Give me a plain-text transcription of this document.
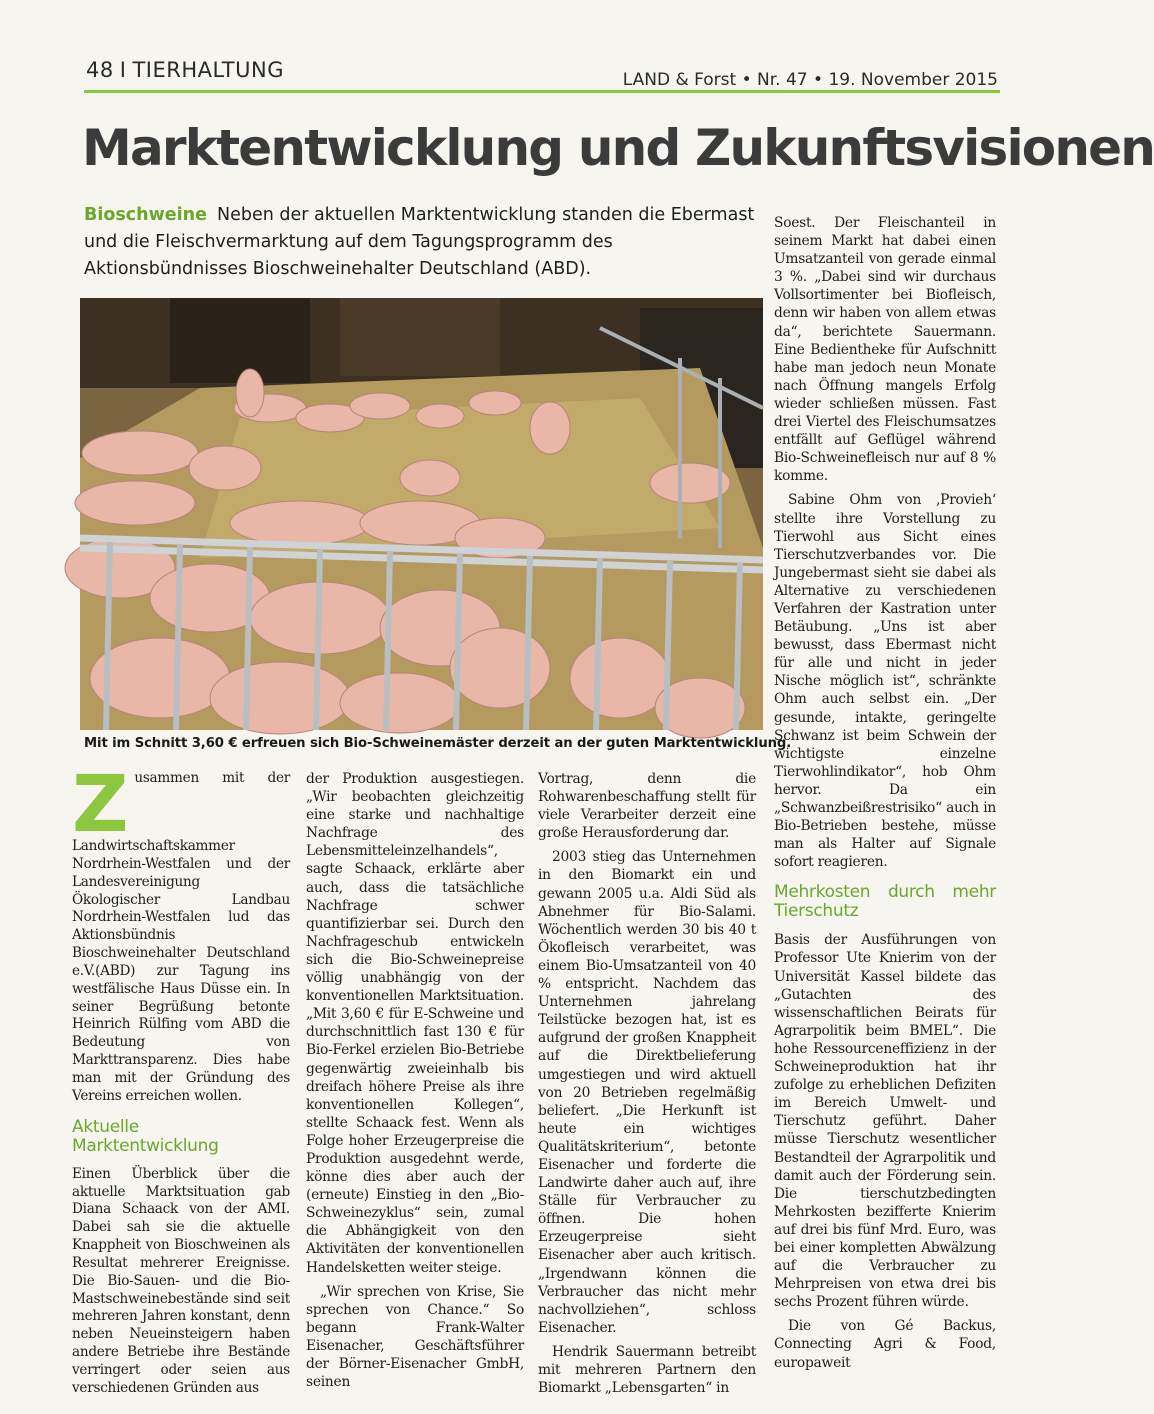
48 I TIERHALTUNG	LAND & Forst • Nr. 47 • 19. November 2015
Marktentwicklung und Zukunftsvisionen
Bioschweine Neben der aktuellen Marktentwicklung standen die Ebermast und die Fleischvermarktung auf dem Tagungsprogramm des Aktionsbündnisses Bioschweinehalter Deutschland (ABD).
Mit im Schnitt 3,60 € erfreuen sich Bio-Schweinemäster derzeit an der guten Marktentwicklung.

Zusammen mit der Landwirtschaftskammer Nordrhein-Westfalen und der Landesvereinigung Ökologischer Landbau Nordrhein-Westfalen lud das Aktionsbündnis Bioschweinehalter Deutschland e.V.(ABD) zur Tagung ins westfälische Haus Düsse ein. In seiner Begrüßung betonte Heinrich Rülfing vom ABD die Bedeutung von Markttransparenz. Dies habe man mit der Gründung des Vereins erreichen wollen.

Aktuelle Marktentwicklung

Einen Überblick über die aktuelle Marktsituation gab Diana Schaack von der AMI. Dabei sah sie die aktuelle Knappheit von Bioschweinen als Resultat mehrerer Ereignisse. Die Bio-Sauen- und die Bio-Mastschweinebestände sind seit mehreren Jahren konstant, denn neben Neueinsteigern haben andere Betriebe ihre Bestände verringert oder seien aus verschiedenen Gründen aus

der Produktion ausgestiegen. „Wir beobachten gleichzeitig eine starke und nachhaltige Nachfrage des Lebensmitteleinzelhandels“, sagte Schaack, erklärte aber auch, dass die tatsächliche Nachfrage schwer quantifizierbar sei. Durch den Nachfrageschub entwickeln sich die Bio-Schweinepreise völlig unabhängig von der konventionellen Marktsituation. „Mit 3,60 € für E-Schweine und durchschnittlich fast 130 € für Bio-Ferkel erzielen Bio-Betriebe gegenwärtig zweieinhalb bis dreifach höhere Preise als ihre konventionellen Kollegen“, stellte Schaack fest. Wenn als Folge hoher Erzeugerpreise die Produktion ausgedehnt werde, könne dies aber auch der (erneute) Einstieg in den „Bio-Schweinezyklus“ sein, zumal die Abhängigkeit von den Aktivitäten der konventionellen Handelsketten weiter steige.

„Wir sprechen von Krise, Sie sprechen von Chance.“ So begann Frank-Walter Eisenacher, Geschäftsführer der Börner-Eisenacher GmbH, seinen

Vortrag, denn die Rohwarenbeschaffung stellt für viele Verarbeiter derzeit eine große Herausforderung dar.

2003 stieg das Unternehmen in den Biomarkt ein und gewann 2005 u.a. Aldi Süd als Abnehmer für Bio-Salami. Wöchentlich werden 30 bis 40 t Ökofleisch verarbeitet, was einem Bio-Umsatzanteil von 40 % entspricht. Nachdem das Unternehmen jahrelang Teilstücke bezogen hat, ist es aufgrund der großen Knappheit auf die Direktbelieferung umgestiegen und wird aktuell von 20 Betrieben regelmäßig beliefert. „Die Herkunft ist heute ein wichtiges Qualitätskriterium“, betonte Eisenacher und forderte die Landwirte daher auch auf, ihre Ställe für Verbraucher zu öffnen. Die hohen Erzeugerpreise sieht Eisenacher aber auch kritisch. „Irgendwann können die Verbraucher das nicht mehr nachvollziehen“, schloss Eisenacher.

Hendrik Sauermann betreibt mit mehreren Partnern den Biomarkt „Lebensgarten“ in

Soest. Der Fleischanteil in seinem Markt hat dabei einen Umsatzanteil von gerade einmal 3 %. „Dabei sind wir durchaus Vollsortimenter bei Biofleisch, denn wir haben von allem etwas da“, berichtete Sauermann. Eine Bedientheke für Aufschnitt habe man jedoch neun Monate nach Öffnung mangels Erfolg wieder schließen müssen. Fast drei Viertel des Fleischumsatzes entfällt auf Geflügel während Bio-Schweinefleisch nur auf 8 % komme.

Sabine Ohm von ‚Provieh‘ stellte ihre Vorstellung zu Tierwohl aus Sicht eines Tierschutzverbandes vor. Die Jungebermast sieht sie dabei als Alternative zu verschiedenen Verfahren der Kastration unter Betäubung. „Uns ist aber bewusst, dass Ebermast nicht für alle und nicht in jeder Nische möglich ist“, schränkte Ohm auch selbst ein. „Der gesunde, intakte, geringelte Schwanz ist beim Schwein der wichtigste einzelne Tierwohlindikator“, hob Ohm hervor. Da ein „Schwanzbeißrestrisiko“ auch in Bio-Betrieben bestehe, müsse man als Halter auf Signale sofort reagieren.

Mehrkosten durch mehr Tierschutz

Basis der Ausführungen von Professor Ute Knierim von der Universität Kassel bildete das „Gutachten des wissenschaftlichen Beirats für Agrarpolitik beim BMEL“. Die hohe Ressourceneffizienz in der Schweineproduktion hat ihr zufolge zu erheblichen Defiziten im Bereich Umwelt- und Tierschutz geführt. Daher müsse Tierschutz wesentlicher Bestandteil der Agrarpolitik und damit auch der Förderung sein. Die tierschutzbedingten Mehrkosten bezifferte Knierim auf drei bis fünf Mrd. Euro, was bei einer kompletten Abwälzung auf die Verbraucher zu Mehrpreisen von etwa drei bis sechs Prozent führen würde.

Die von Gé Backus, Connecting Agri & Food, europaweit
